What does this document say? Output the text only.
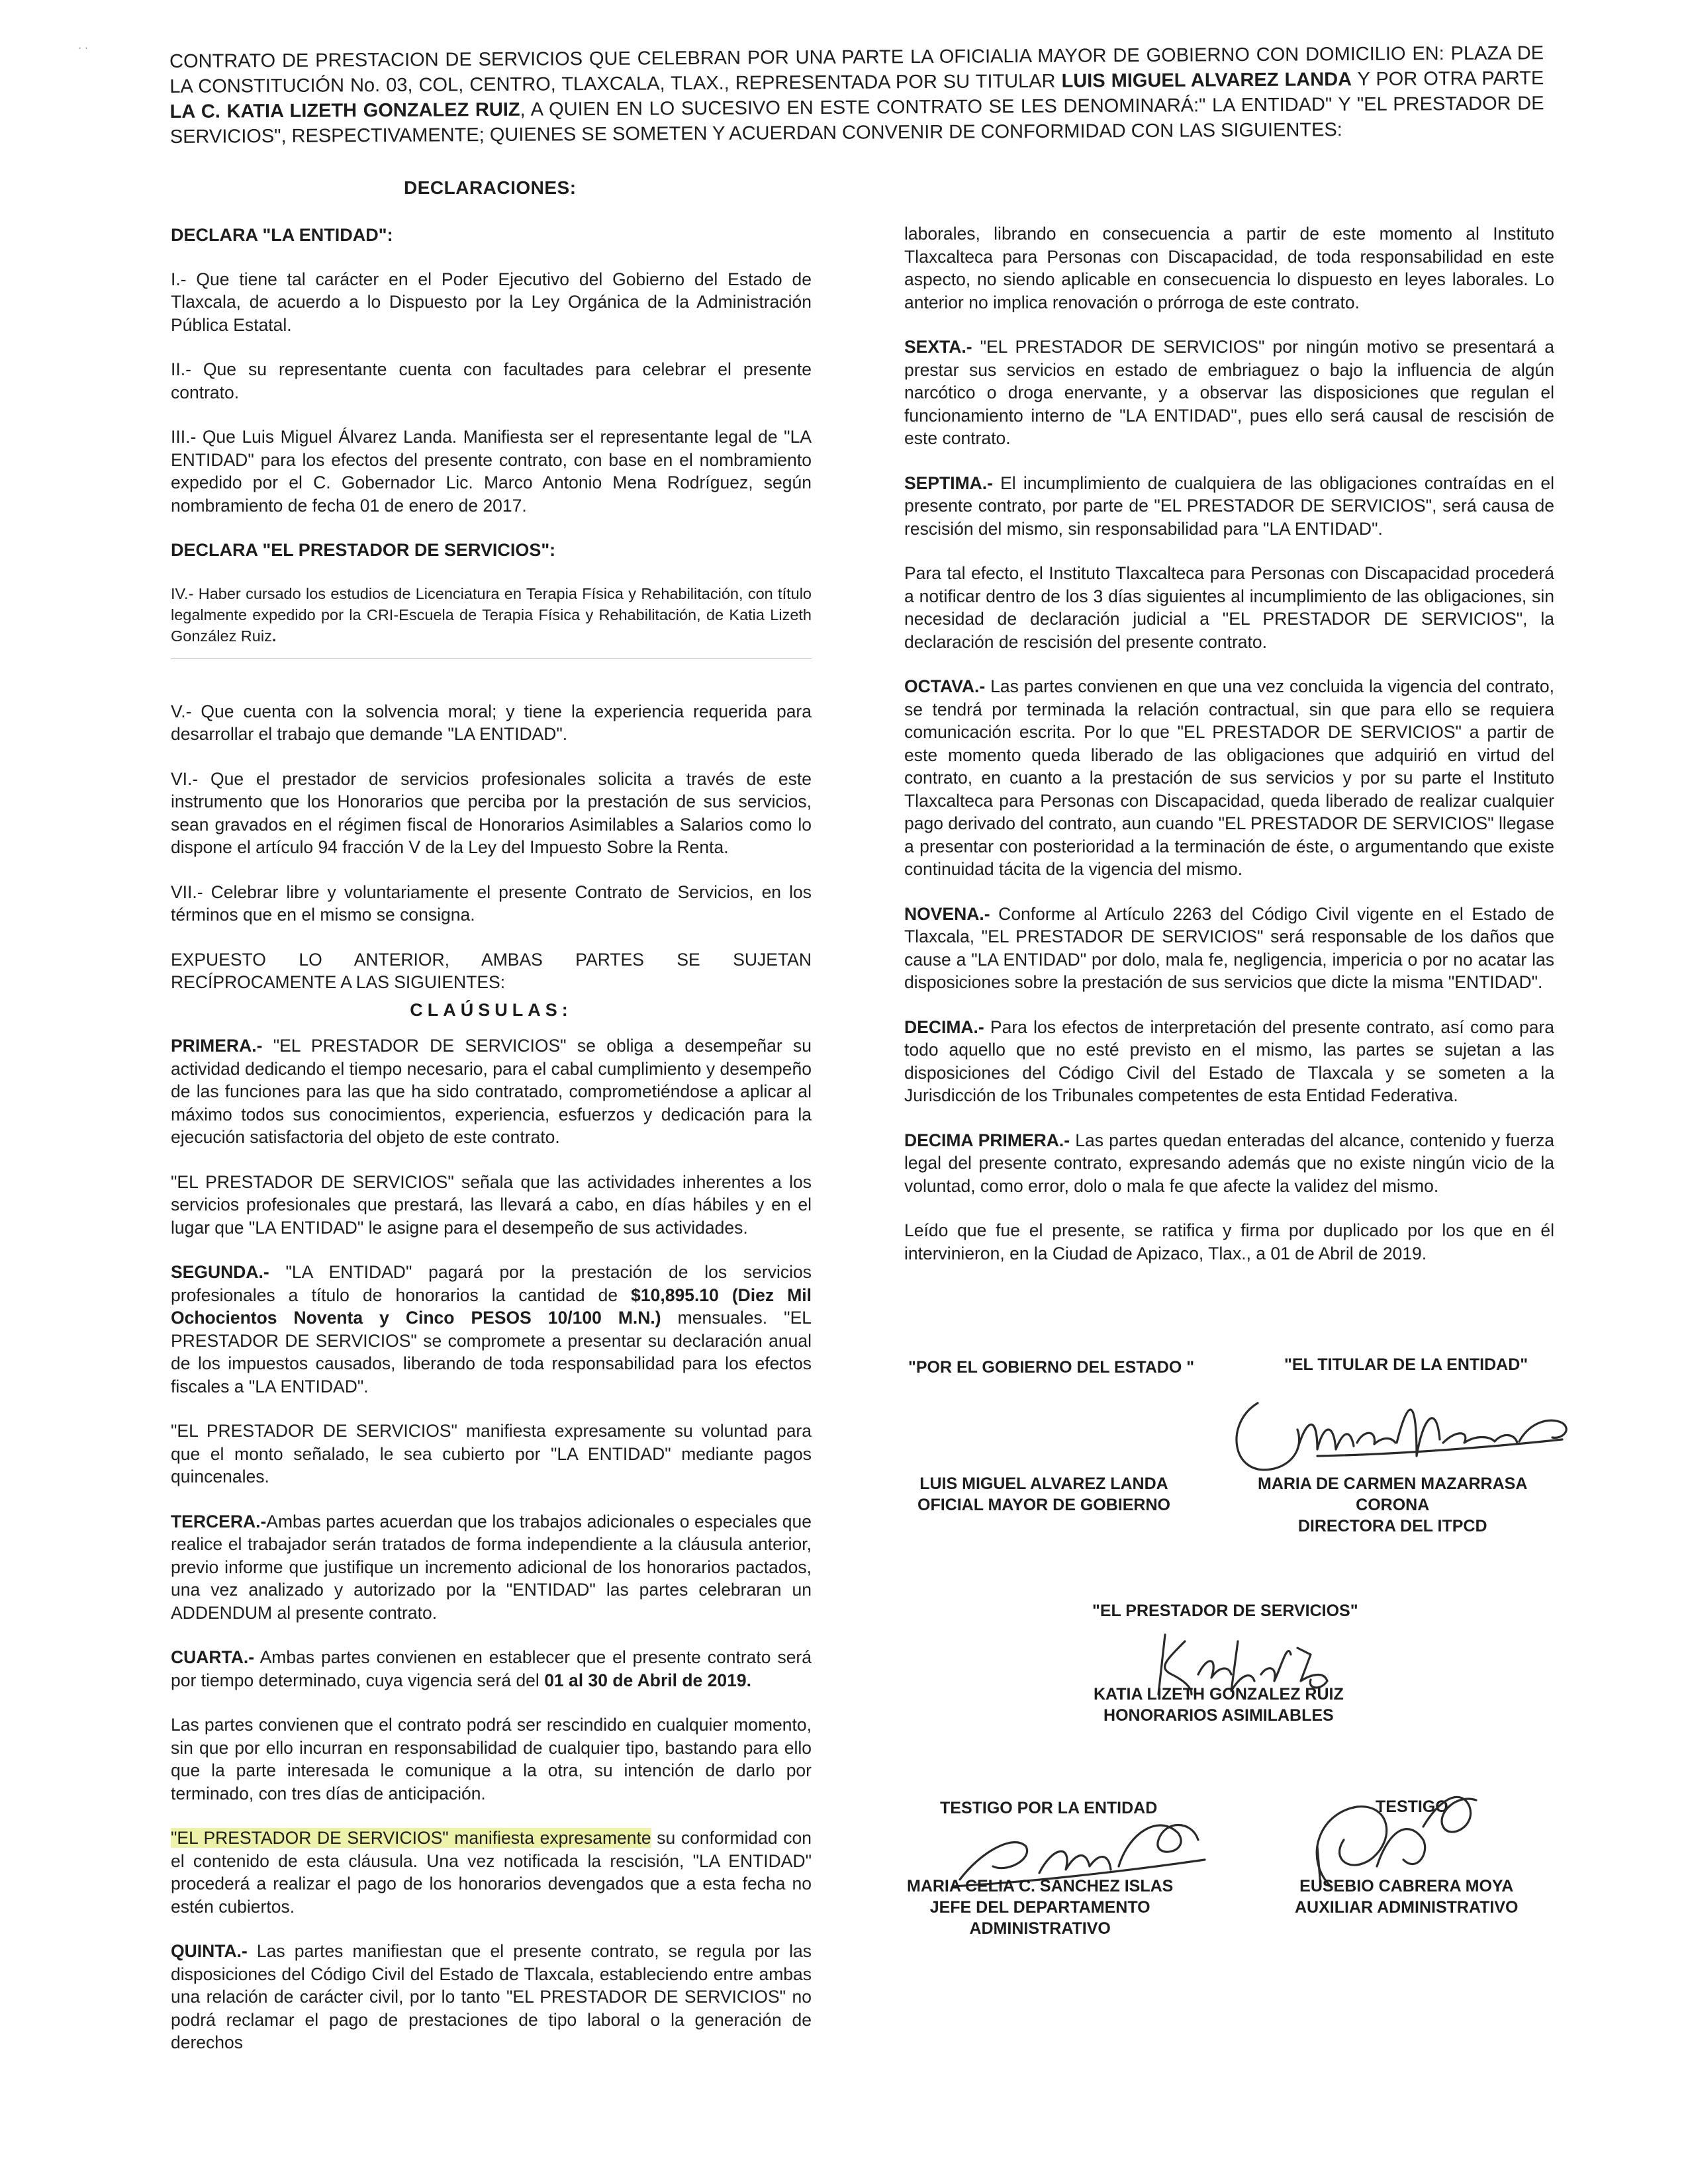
· ·	CONTRATO DE PRESTACION DE SERVICIOS QUE CELEBRAN POR UNA PARTE LA OFICIALIA MAYOR DE GOBIERNO CON DOMICILIO EN: PLAZA DE LA CONSTITUCIÓN No. 03, COL, CENTRO, TLAXCALA, TLAX., REPRESENTADA POR SU TITULAR LUIS MIGUEL ALVAREZ LANDA Y POR OTRA PARTE LA C. KATIA LIZETH GONZALEZ RUIZ, A QUIEN EN LO SUCESIVO EN ESTE CONTRATO SE LES DENOMINARÁ:" LA ENTIDAD" Y "EL PRESTADOR DE SERVICIOS", RESPECTIVAMENTE; QUIENES SE SOMETEN Y ACUERDAN CONVENIR DE CONFORMIDAD CON LAS SIGUIENTES:
DECLARACIONES:
DECLARA "LA ENTIDAD":

I.- Que tiene tal carácter en el Poder Ejecutivo del Gobierno del Estado de Tlaxcala, de acuerdo a lo Dispuesto por la Ley Orgánica de la Administración Pública Estatal.

II.- Que su representante cuenta con facultades para celebrar el presente contrato.

III.- Que Luis Miguel Álvarez Landa. Manifiesta ser el representante legal de "LA ENTIDAD" para los efectos del presente contrato, con base en el nombramiento expedido por el C. Gobernador Lic. Marco Antonio Mena Rodríguez, según nombramiento de fecha 01 de enero de 2017.

DECLARA "EL PRESTADOR DE SERVICIOS":

IV.- Haber cursado los estudios de Licenciatura en Terapia Física y Rehabilitación, con título legalmente expedido por la CRI-Escuela de Terapia Física y Rehabilitación, de Katia Lizeth González Ruiz.

V.- Que cuenta con la solvencia moral; y tiene la experiencia requerida para desarrollar el trabajo que demande "LA ENTIDAD".

VI.- Que el prestador de servicios profesionales solicita a través de este instrumento que los Honorarios que perciba por la prestación de sus servicios, sean gravados en el régimen fiscal de Honorarios Asimilables a Salarios como lo dispone el artículo 94 fracción V de la Ley del Impuesto Sobre la Renta.

VII.- Celebrar libre y voluntariamente el presente Contrato de Servicios, en los términos que en el mismo se consigna.

EXPUESTO LO ANTERIOR, AMBAS PARTES SE SUJETAN RECÍPROCAMENTE A LAS SIGUIENTES:

CLAÚSULAS:

PRIMERA.- "EL PRESTADOR DE SERVICIOS" se obliga a desempeñar su actividad dedicando el tiempo necesario, para el cabal cumplimiento y desempeño de las funciones para las que ha sido contratado, comprometiéndose a aplicar al máximo todos sus conocimientos, experiencia, esfuerzos y dedicación para la ejecución satisfactoria del objeto de este contrato.

"EL PRESTADOR DE SERVICIOS" señala que las actividades inherentes a los servicios profesionales que prestará, las llevará a cabo, en días hábiles y en el lugar que "LA ENTIDAD" le asigne para el desempeño de sus actividades.

SEGUNDA.- "LA ENTIDAD" pagará por la prestación de los servicios profesionales a título de honorarios la cantidad de $10,895.10 (Diez Mil Ochocientos Noventa y Cinco PESOS 10/100 M.N.) mensuales. "EL PRESTADOR DE SERVICIOS" se compromete a presentar su declaración anual de los impuestos causados, liberando de toda responsabilidad para los efectos fiscales a "LA ENTIDAD".

"EL PRESTADOR DE SERVICIOS" manifiesta expresamente su voluntad para que el monto señalado, le sea cubierto por "LA ENTIDAD" mediante pagos quincenales.

TERCERA.-Ambas partes acuerdan que los trabajos adicionales o especiales que realice el trabajador serán tratados de forma independiente a la cláusula anterior, previo informe que justifique un incremento adicional de los honorarios pactados, una vez analizado y autorizado por la "ENTIDAD" las partes celebraran un ADDENDUM al presente contrato.

CUARTA.- Ambas partes convienen en establecer que el presente contrato será por tiempo determinado, cuya vigencia será del 01 al 30 de Abril de 2019.

Las partes convienen que el contrato podrá ser rescindido en cualquier momento, sin que por ello incurran en responsabilidad de cualquier tipo, bastando para ello que la parte interesada le comunique a la otra, su intención de darlo por terminado, con tres días de anticipación.

"EL PRESTADOR DE SERVICIOS" manifiesta expresamente su conformidad con el contenido de esta cláusula. Una vez notificada la rescisión, "LA ENTIDAD" procederá a realizar el pago de los honorarios devengados que a esta fecha no estén cubiertos.

QUINTA.- Las partes manifiestan que el presente contrato, se regula por las disposiciones del Código Civil del Estado de Tlaxcala, estableciendo entre ambas una relación de carácter civil, por lo tanto "EL PRESTADOR DE SERVICIOS" no podrá reclamar el pago de prestaciones de tipo laboral o la generación de derechos

laborales, librando en consecuencia a partir de este momento al Instituto Tlaxcalteca para Personas con Discapacidad, de toda responsabilidad en este aspecto, no siendo aplicable en consecuencia lo dispuesto en leyes laborales. Lo anterior no implica renovación o prórroga de este contrato.

SEXTA.- "EL PRESTADOR DE SERVICIOS" por ningún motivo se presentará a prestar sus servicios en estado de embriaguez o bajo la influencia de algún narcótico o droga enervante, y a observar las disposiciones que regulan el funcionamiento interno de "LA ENTIDAD", pues ello será causal de rescisión de este contrato.

SEPTIMA.- El incumplimiento de cualquiera de las obligaciones contraídas en el presente contrato, por parte de "EL PRESTADOR DE SERVICIOS", será causa de rescisión del mismo, sin responsabilidad para "LA ENTIDAD".

Para tal efecto, el Instituto Tlaxcalteca para Personas con Discapacidad procederá a notificar dentro de los 3 días siguientes al incumplimiento de las obligaciones, sin necesidad de declaración judicial a "EL PRESTADOR DE SERVICIOS", la declaración de rescisión del presente contrato.

OCTAVA.- Las partes convienen en que una vez concluida la vigencia del contrato, se tendrá por terminada la relación contractual, sin que para ello se requiera comunicación escrita. Por lo que "EL PRESTADOR DE SERVICIOS" a partir de este momento queda liberado de las obligaciones que adquirió en virtud del contrato, en cuanto a la prestación de sus servicios y por su parte el Instituto Tlaxcalteca para Personas con Discapacidad, queda liberado de realizar cualquier pago derivado del contrato, aun cuando "EL PRESTADOR DE SERVICIOS" llegase a presentar con posterioridad a la terminación de éste, o argumentando que existe continuidad tácita de la vigencia del mismo.

NOVENA.- Conforme al Artículo 2263 del Código Civil vigente en el Estado de Tlaxcala, "EL PRESTADOR DE SERVICIOS" será responsable de los daños que cause a "LA ENTIDAD" por dolo, mala fe, negligencia, impericia o por no acatar las disposiciones sobre la prestación de sus servicios que dicte la misma "ENTIDAD".

DECIMA.- Para los efectos de interpretación del presente contrato, así como para todo aquello que no esté previsto en el mismo, las partes se sujetan a las disposiciones del Código Civil del Estado de Tlaxcala y se someten a la Jurisdicción de los Tribunales competentes de esta Entidad Federativa.

DECIMA PRIMERA.- Las partes quedan enteradas del alcance, contenido y fuerza legal del presente contrato, expresando además que no existe ningún vicio de la voluntad, como error, dolo o mala fe que afecte la validez del mismo.

Leído que fue el presente, se ratifica y firma por duplicado por los que en él intervinieron, en la Ciudad de Apizaco, Tlax., a 01 de Abril de 2019.

"POR EL GOBIERNO DEL ESTADO "	"EL TITULAR DE LA ENTIDAD"
LUIS MIGUEL ALVAREZ LANDA
OFICIAL MAYOR DE GOBIERNO
MARIA DE CARMEN MAZARRASA
CORONA
DIRECTORA DEL ITPCD
"EL PRESTADOR DE SERVICIOS"
KATIA LIZETH GONZALEZ RUIZ
HONORARIOS ASIMILABLES
TESTIGO POR LA ENTIDAD	TESTIGO
MARIA CELIA C. SANCHEZ ISLAS
JEFE DEL DEPARTAMENTO
ADMINISTRATIVO
EUSEBIO CABRERA MOYA
AUXILIAR ADMINISTRATIVO
